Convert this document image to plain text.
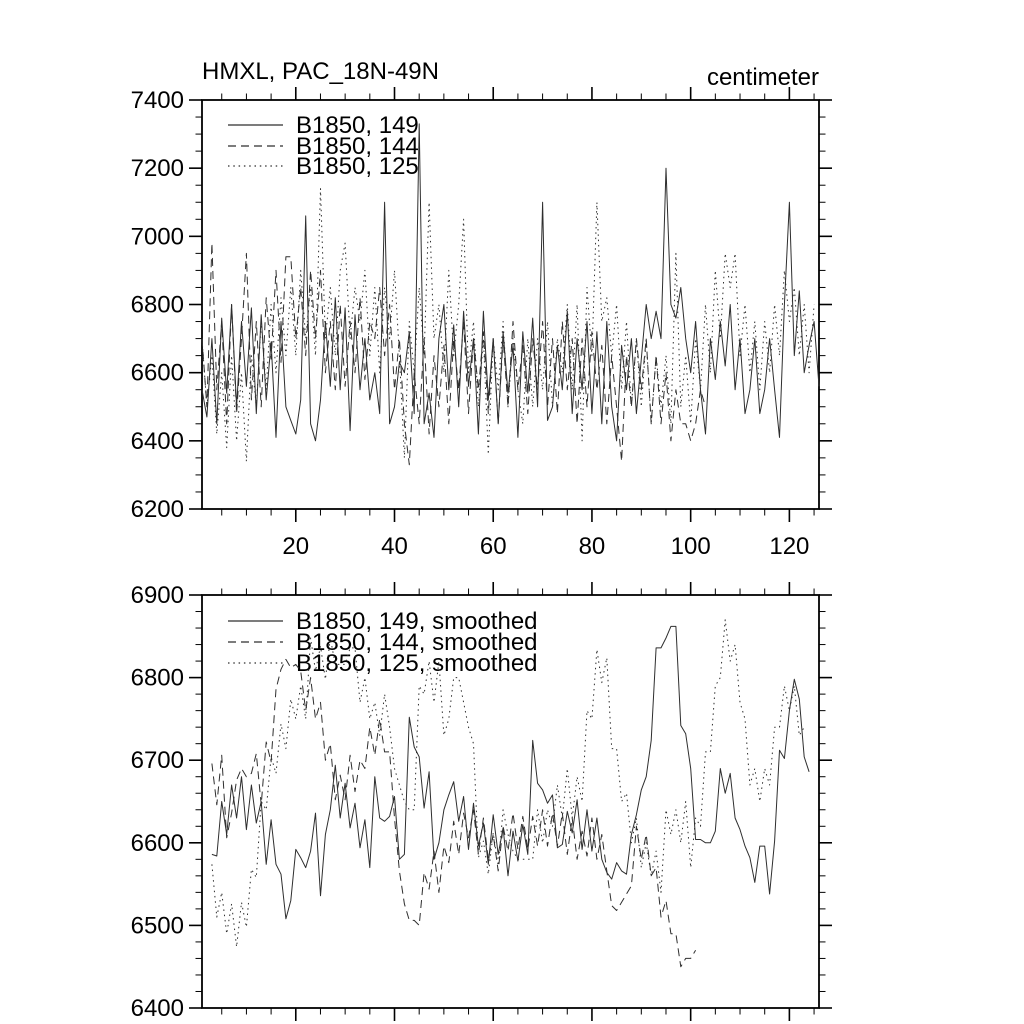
20	40	60	80	100 120
6200
6400
6600
6800
7000
7200
7400
HMXL, PAC_18N-49N	centimeter
B1850, 149
B1850, 144
B1850, 125
6400
6500
6600
6700
6800
6900
B1850, 149, smoothed
B1850, 144, smoothed
B1850, 125, smoothed
